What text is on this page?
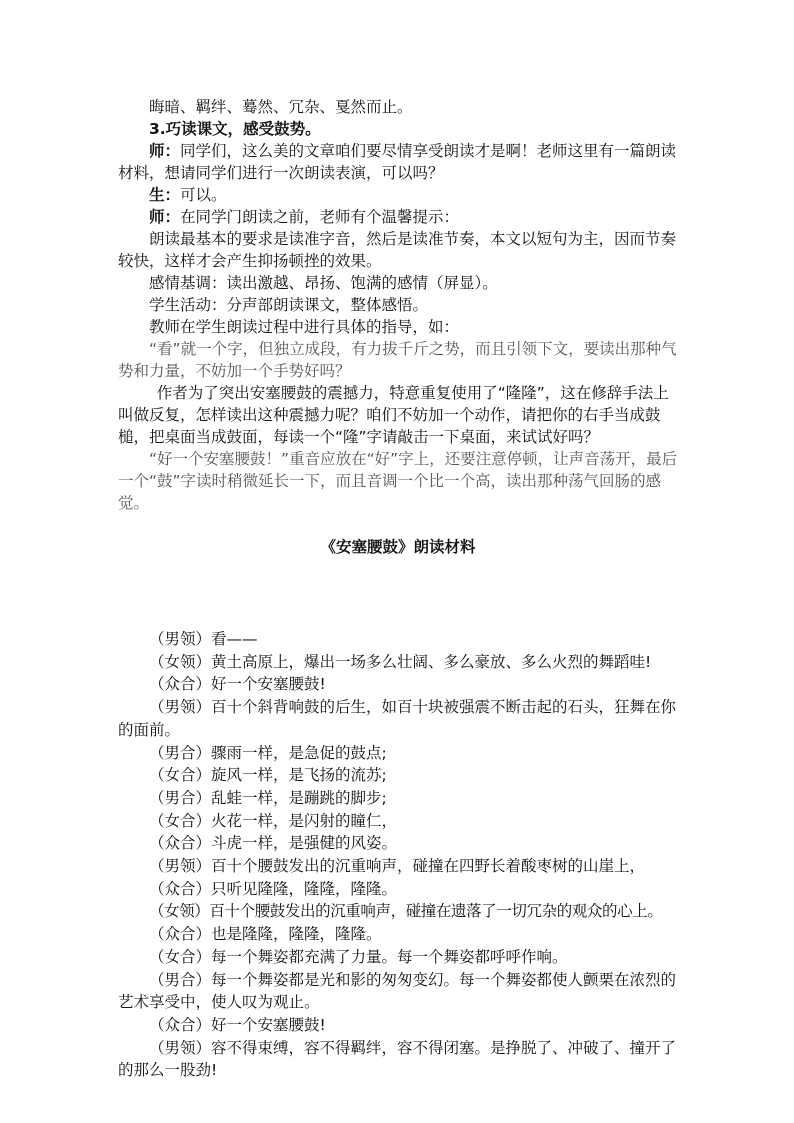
晦暗、羁绊、蓦然、冗杂、戛然而止。

3.巧读课文，感受鼓势。

师：同学们，这么美的文章咱们要尽情享受朗读才是啊！老师这里有一篇朗读材料，想请同学们进行一次朗读表演，可以吗？

生：可以。

师：在同学门朗读之前，老师有个温馨提示：

朗读最基本的要求是读准字音，然后是读准节奏，本文以短句为主，因而节奏较快，这样才会产生抑扬顿挫的效果。

感情基调：读出激越、昂扬、饱满的感情（屏显）。

学生活动：分声部朗读课文，整体感悟。

教师在学生朗读过程中进行具体的指导，如：

“看”就一个字，但独立成段，有力拔千斤之势，而且引领下文，要读出那种气势和力量，不妨加一个手势好吗？

作者为了突出安塞腰鼓的震撼力，特意重复使用了“隆隆”，这在修辞手法上叫做反复，怎样读出这种震撼力呢？咱们不妨加一个动作，请把你的右手当成鼓槌，把桌面当成鼓面，每读一个“隆”字请敲击一下桌面，来试试好吗？

“好一个安塞腰鼓！”重音应放在“好”字上，还要注意停顿，让声音荡开，最后一个“鼓”字读时稍微延长一下，而且音调一个比一个高，读出那种荡气回肠的感觉。

《安塞腰鼓》朗读材料

（男领）看——

（女领）黄土高原上，爆出一场多么壮阔、多么豪放、多么火烈的舞蹈哇!

（众合）好一个安塞腰鼓!

（男领）百十个斜背响鼓的后生，如百十块被强震不断击起的石头，狂舞在你的面前。

（男合）骤雨一样，是急促的鼓点;

（女合）旋风一样，是飞扬的流苏;

（男合）乱蛙一样，是蹦跳的脚步;

（女合）火花一样，是闪射的瞳仁，

（众合）斗虎一样，是强健的风姿。

（男领）百十个腰鼓发出的沉重响声，碰撞在四野长着酸枣树的山崖上，

（众合）只听见隆隆，隆隆，隆隆。

（女领）百十个腰鼓发出的沉重响声，碰撞在遗落了一切冗杂的观众的心上。

（众合）也是隆隆，隆隆，隆隆。

（女合）每一个舞姿都充满了力量。每一个舞姿都呼呼作响。

（男合）每一个舞姿都是光和影的匆匆变幻。每一个舞姿都使人颤栗在浓烈的艺术享受中，使人叹为观止。

（众合）好一个安塞腰鼓!

（男领）容不得束缚，容不得羁绊，容不得闭塞。是挣脱了、冲破了、撞开了的那么一股劲!
